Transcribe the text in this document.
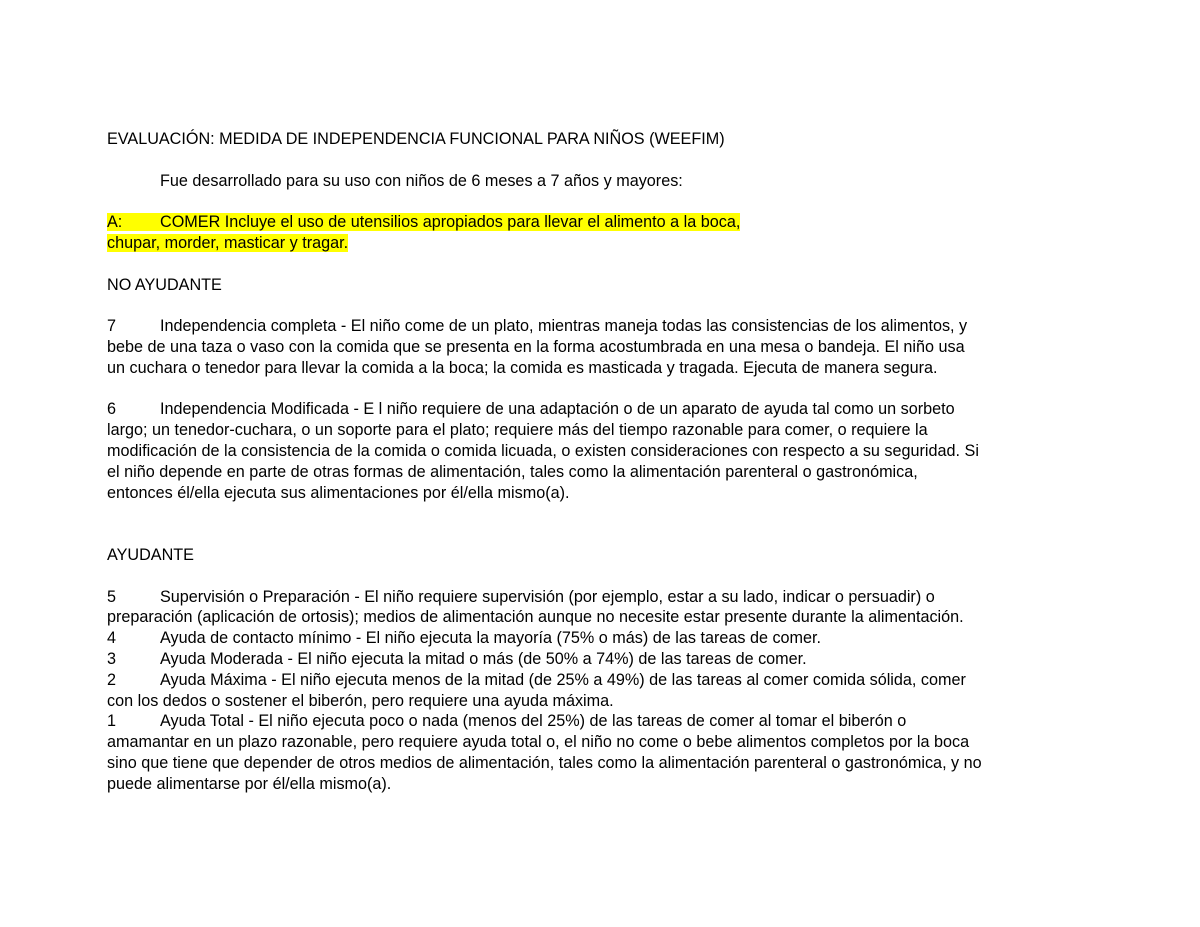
EVALUACIÓN: MEDIDA DE INDEPENDENCIA FUNCIONAL PARA NIÑOS (WEEFIM)
Fue desarrollado para su uso con niños de 6 meses a 7 años y mayores:
A: COMER Incluye el uso de utensilios apropiados para llevar el alimento a la boca,
chupar, morder, masticar y tragar.
NO AYUDANTE
7	Independencia completa - El niño come de un plato, mientras maneja todas las consistencias de los alimentos, y
bebe de una taza o vaso con la comida que se presenta en la forma acostumbrada en una mesa o bandeja. El niño usa
un cuchara o tenedor para llevar la comida a la boca; la comida es masticada y tragada. Ejecuta de manera segura.
6	Independencia Modificada - E l niño requiere de una adaptación o de un aparato de ayuda tal como un sorbeto
largo; un tenedor-cuchara, o un soporte para el plato; requiere más del tiempo razonable para comer, o requiere la
modificación de la consistencia de la comida o comida licuada, o existen consideraciones con respecto a su seguridad. Si
el niño depende en parte de otras formas de alimentación, tales como la alimentación parenteral o gastronómica,
entonces él/ella ejecuta sus alimentaciones por él/ella mismo(a).
AYUDANTE
5	Supervisión o Preparación - El niño requiere supervisión (por ejemplo, estar a su lado, indicar o persuadir) o
preparación (aplicación de ortosis); medios de alimentación aunque no necesite estar presente durante la alimentación.
4	Ayuda de contacto mínimo - El niño ejecuta la mayoría (75% o más) de las tareas de comer.
3	Ayuda Moderada - El niño ejecuta la mitad o más (de 50% a 74%) de las tareas de comer.
2	Ayuda Máxima - El niño ejecuta menos de la mitad (de 25% a 49%) de las tareas al comer comida sólida, comer
con los dedos o sostener el biberón, pero requiere una ayuda máxima.
1	Ayuda Total - El niño ejecuta poco o nada (menos del 25%) de las tareas de comer al tomar el biberón o
amamantar en un plazo razonable, pero requiere ayuda total o, el niño no come o bebe alimentos completos por la boca
sino que tiene que depender de otros medios de alimentación, tales como la alimentación parenteral o gastronómica, y no
puede alimentarse por él/ella mismo(a).
